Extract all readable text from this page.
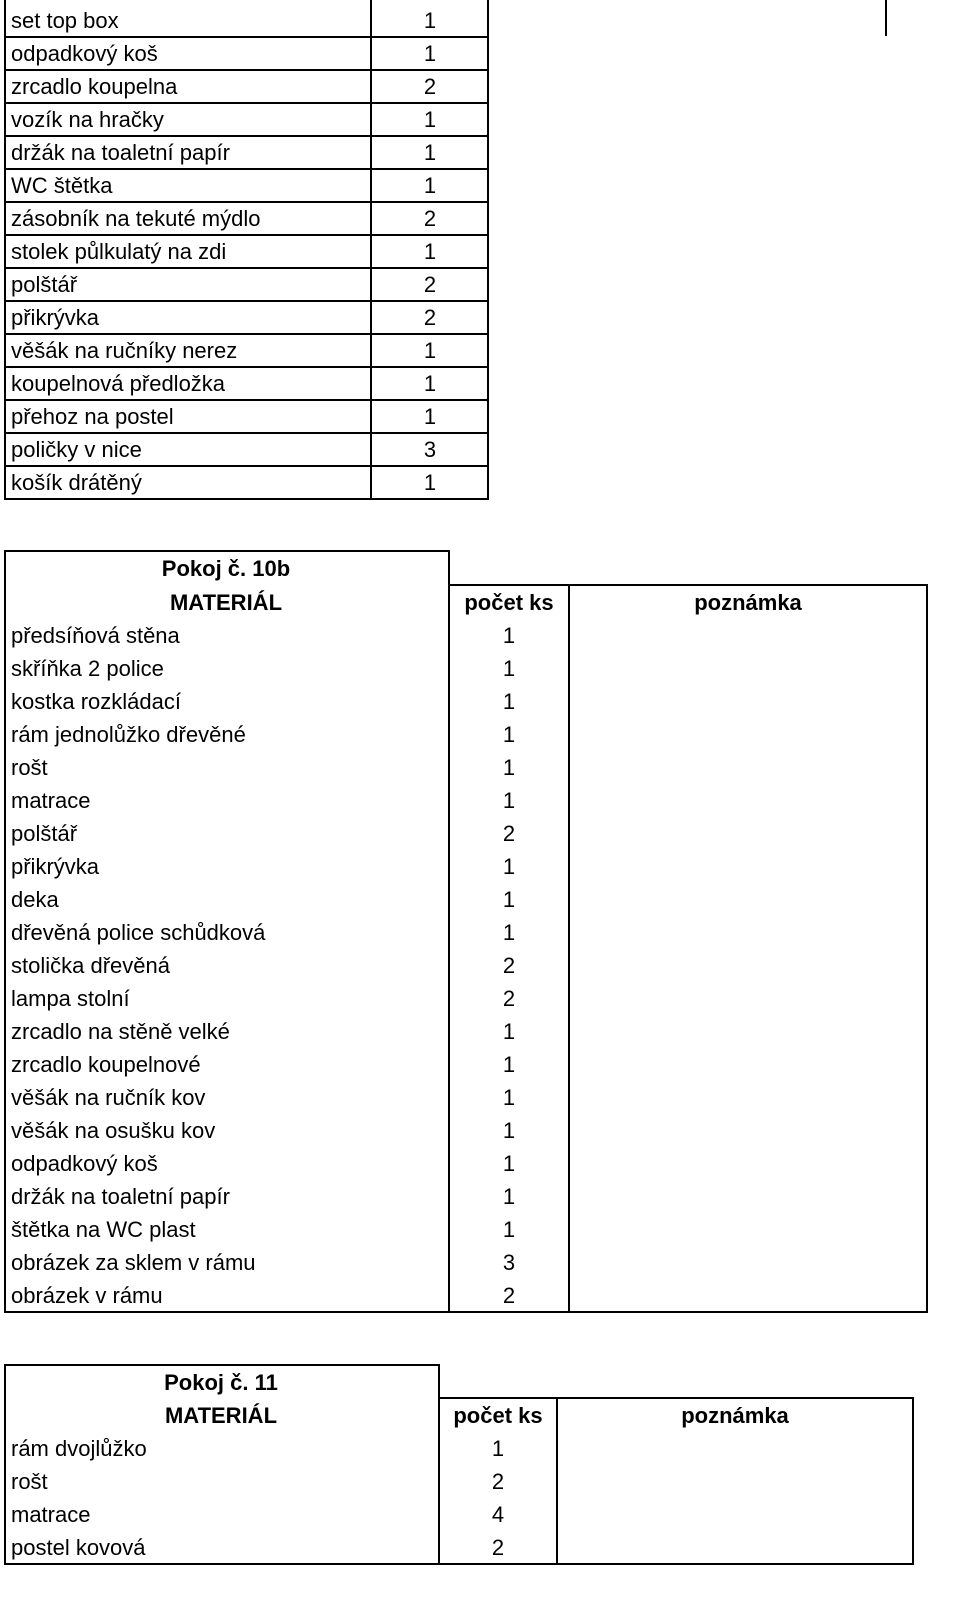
set top box	1
odpadkový koš	1
zrcadlo koupelna	2
vozík na hračky	1
držák na toaletní papír	1
WC štětka	1
zásobník na tekuté mýdlo	2
stolek půlkulatý na zdi	1
polštář	2
přikrývka	2
věšák na ručníky nerez	1
koupelnová předložka	1
přehoz na postel	1
poličky v nice	3
košík drátěný	1
Pokoj č. 10b
MATERIÁL	počet ks	poznámka
předsíňová stěna	1
skříňka 2 police	1
kostka rozkládací	1
rám jednolůžko dřevěné	1
rošt	1
matrace	1
polštář	2
přikrývka	1
deka	1
dřevěná police schůdková	1
stolička dřevěná	2
lampa stolní	2
zrcadlo na stěně velké	1
zrcadlo koupelnové	1
věšák na ručník kov	1
věšák na osušku kov	1
odpadkový koš	1
držák na toaletní papír	1
štětka na WC plast	1
obrázek za sklem v rámu	3
obrázek v rámu	2
Pokoj č. 11
MATERIÁL	počet ks	poznámka
rám dvojlůžko	1
rošt	2
matrace	4
postel kovová	2
